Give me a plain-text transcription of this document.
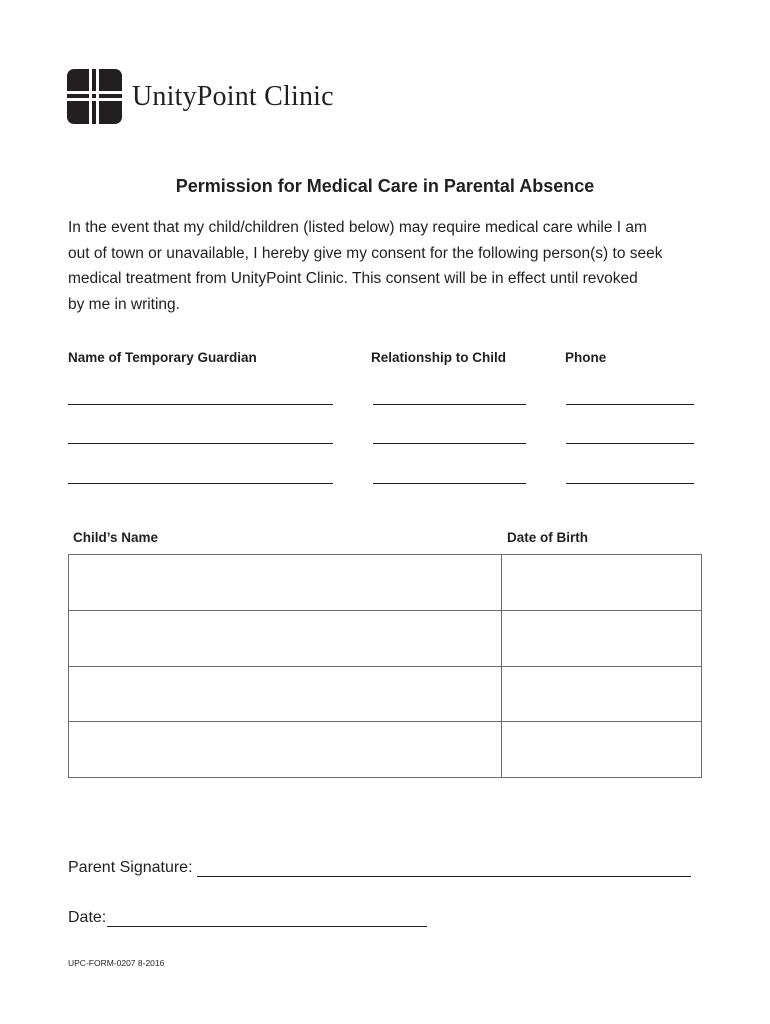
UnityPoint Clinic
Permission for Medical Care in Parental Absence

In the event that my child/children (listed below) may require medical care while I am
out of town or unavailable, I hereby give my consent for the following person(s) to seek
medical treatment from UnityPoint Clinic. This consent will be in effect until revoked
by me in writing.

Name of Temporary Guardian	Relationship to Child	Phone
Child’s Name	Date of Birth

Parent Signature:
Date:
UPC-FORM-0207 8-2016
